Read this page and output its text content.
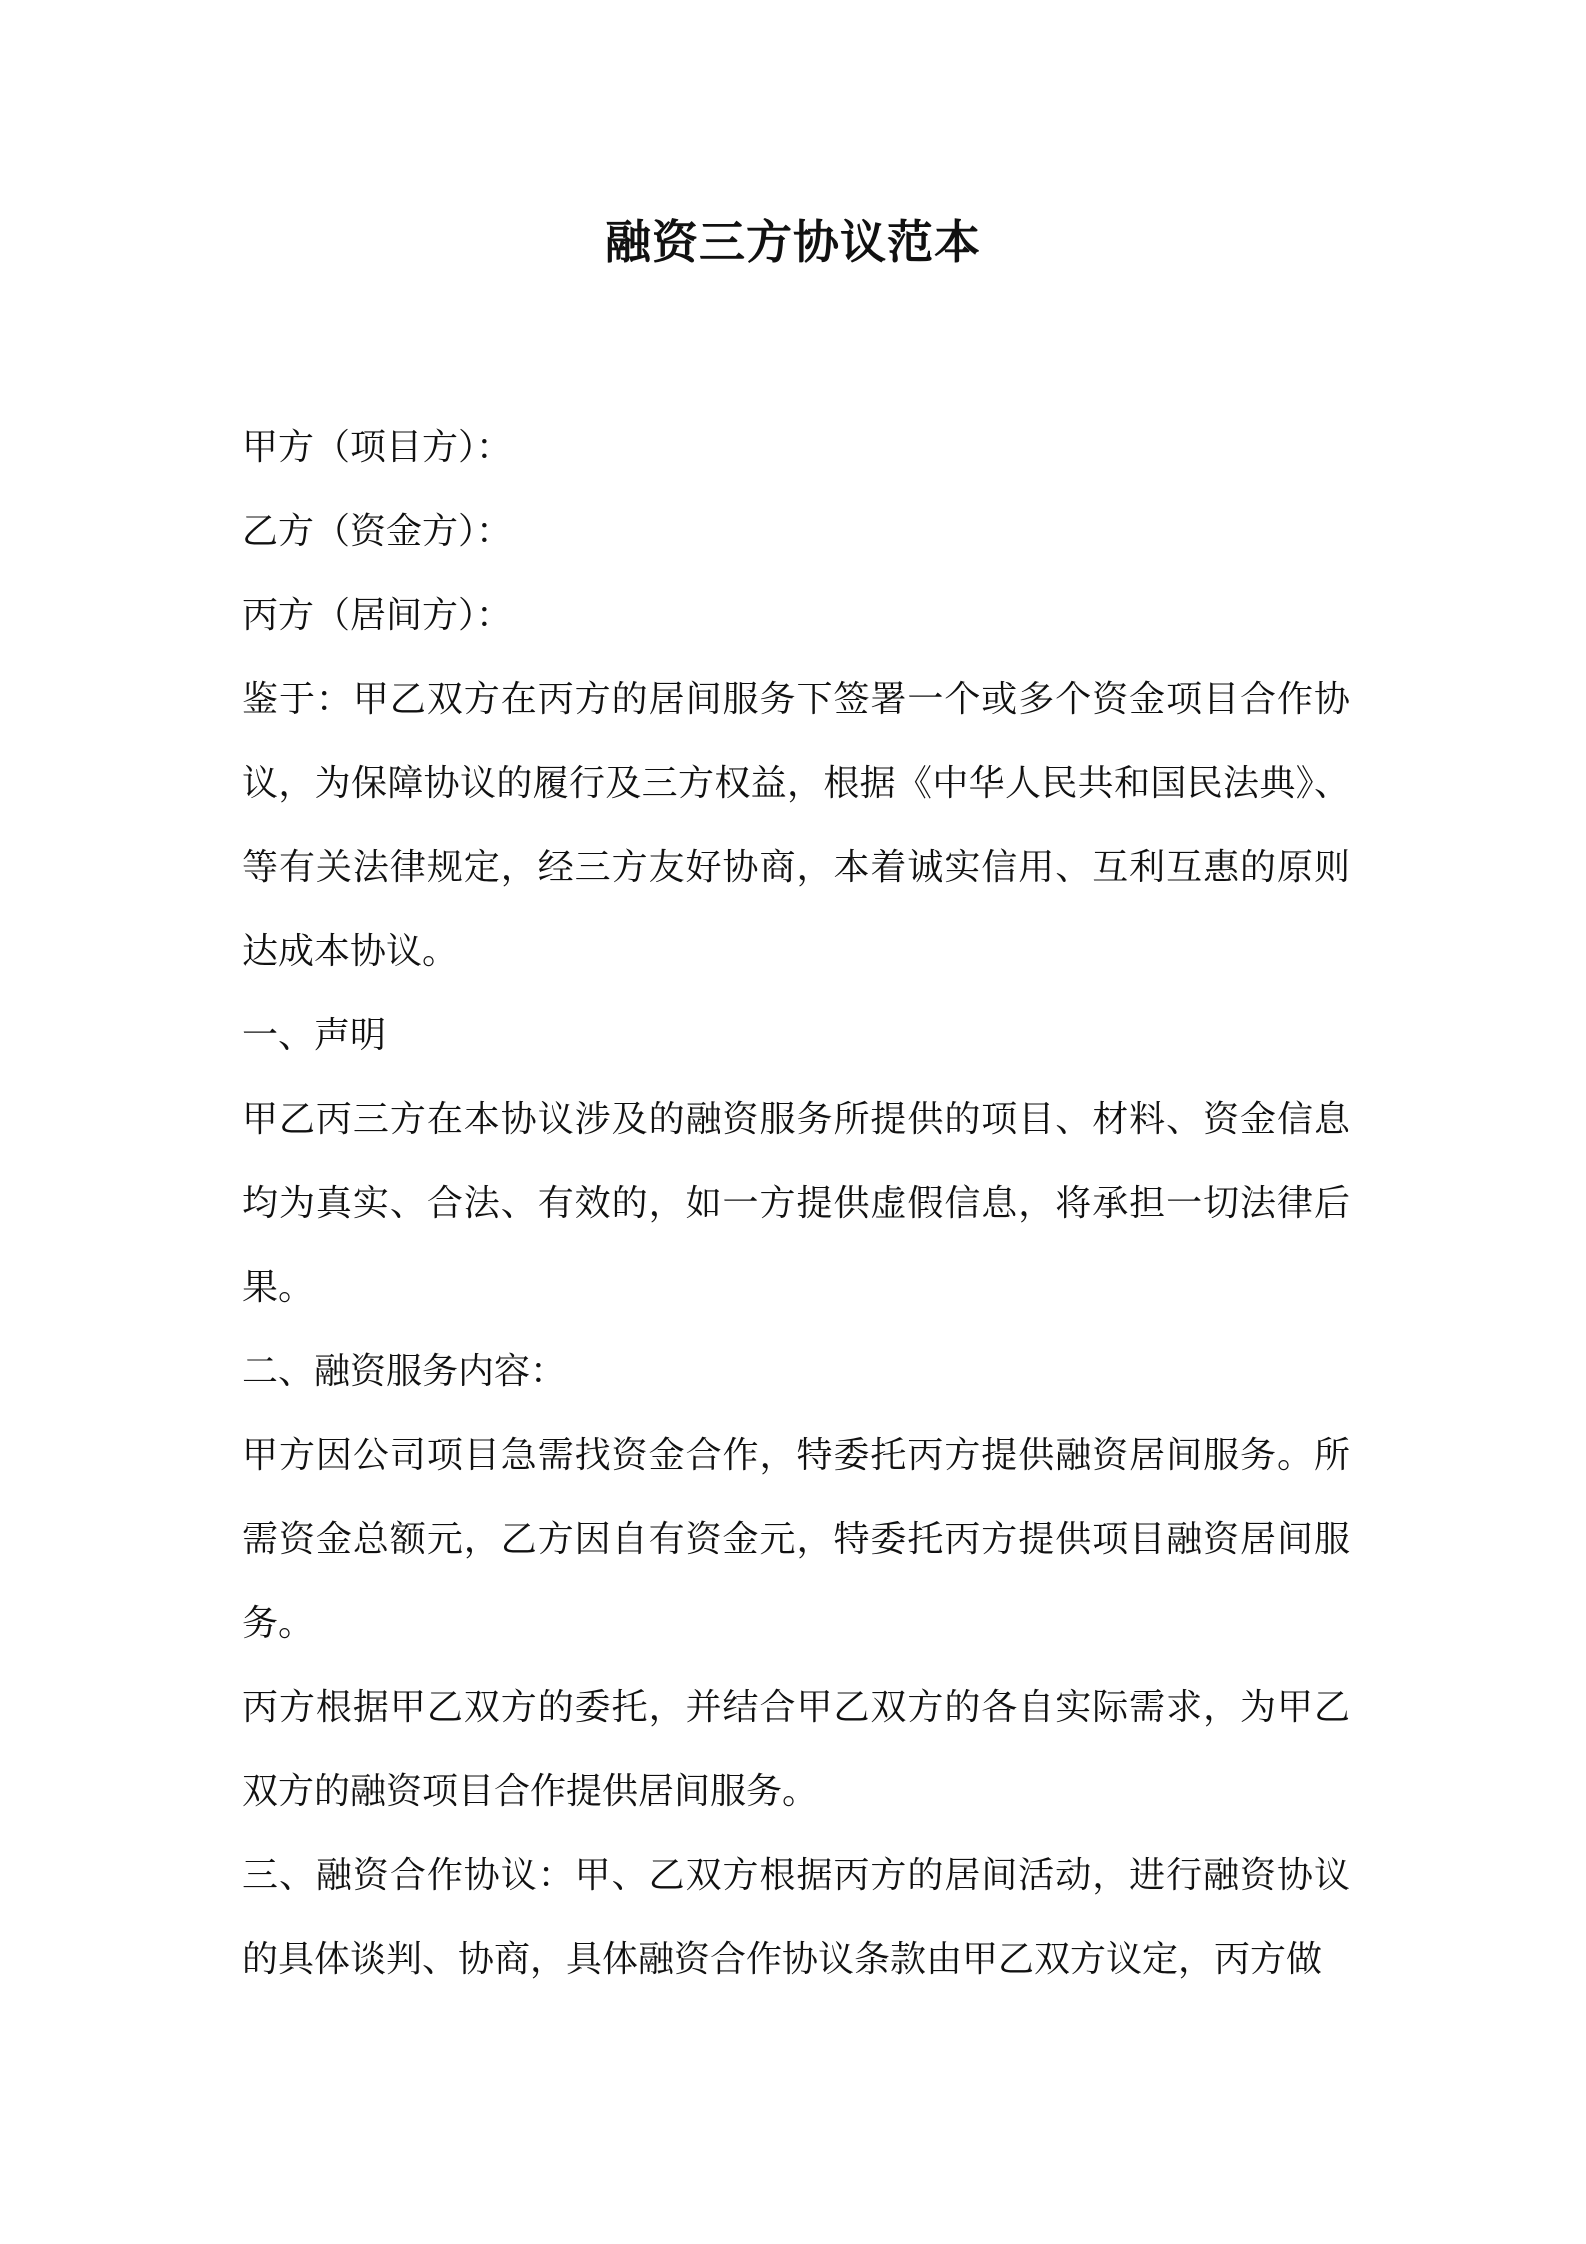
融资三方协议范本

甲方（项目方）：

乙方（资金方）：

丙方（居间方）：

鉴于：甲乙双方在丙方的居间服务下签署一个或多个资金项目合作协议，为保障协议的履行及三方权益，根据《中华人民共和国民法典》、等有关法律规定，经三方友好协商，本着诚实信用、互利互惠的原则达成本协议。

一、声明

甲乙丙三方在本协议涉及的融资服务所提供的项目、材料、资金信息均为真实、合法、有效的，如一方提供虚假信息，将承担一切法律后果。

二、融资服务内容：

甲方因公司项目急需找资金合作，特委托丙方提供融资居间服务。所需资金总额元，乙方因自有资金元，特委托丙方提供项目融资居间服务。

丙方根据甲乙双方的委托，并结合甲乙双方的各自实际需求，为甲乙双方的融资项目合作提供居间服务。

三、融资合作协议：甲、乙双方根据丙方的居间活动，进行融资协议的具体谈判、协商，具体融资合作协议条款由甲乙双方议定，丙方做
